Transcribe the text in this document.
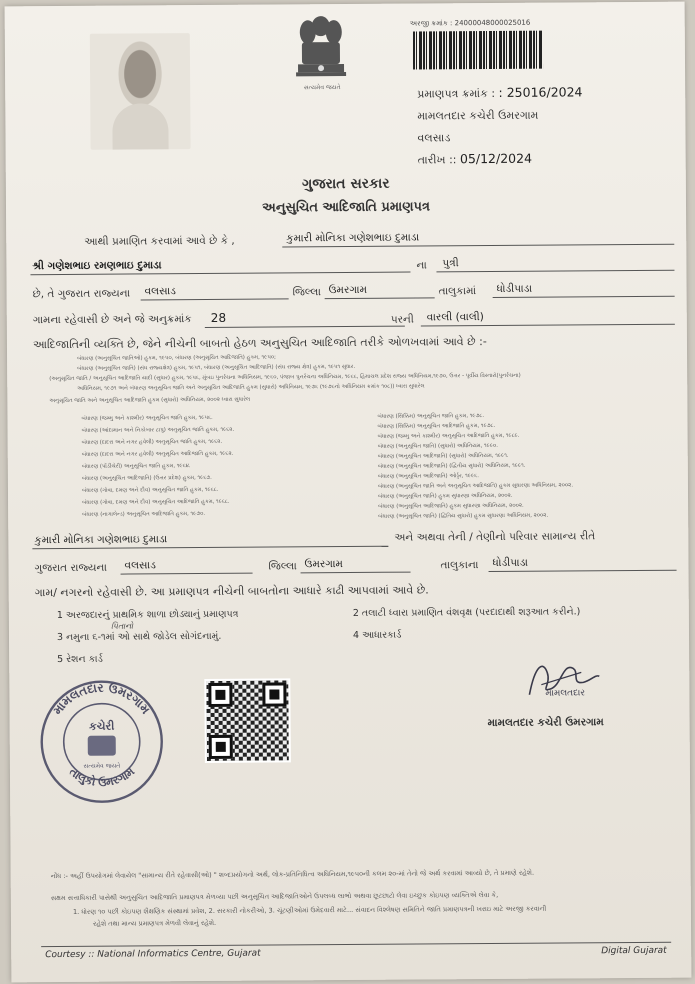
સત્યમેવ જયતે
અરજી ક્રમાંક : 24000048000025016
પ્રમાણપત્ર ક્રમાંક : : 25016/2024
મામલતદાર કચેરી ઉમરગામ
વલસાડ
તારીખ :: 05/12/2024
ગુજરાત સરકાર
અનુસુચિત આદિજાતિ પ્રમાણપત્ર
આથી પ્રમાણિત કરવામાં આવે છે કે ,	કુમારી મોનિકા ગણેશભાઇ દુમાડા
શ્રી ગણેશભાઇ રમણભાઇ દુમાડા	ના પુત્રી
છે, તે ગુજરાત રાજ્યના વલસાડ	જિલ્લા ઉમરગામ	તાલુકામાં ધોડીપાડા
ગામના રહેવાસી છે અને જે અનુક્રમાંક 28	પરની વારલી (વાલી)
આદિજાતિની વ્યક્તિ છે, જેને નીચેની બાબતો હેઠળ અનુસુચિત આદિજાતિ તરીકે ઓળખવામાં આવે છે :-
બંધારણ (અનુસૂચિત જાતિઓ) હુકમ, ૧૯૫૦, બંધારણ (અનુસૂચિત આદિજાતિ) હુકમ, ૧૯૫૦;
બંધારણ (અનુસૂચિત જાતિ) (સંઘ રાજ્યક્ષેત્ર) હુકમ, ૧૯૫૧, બંધારણ (અનુસૂચિત આદિજાતિ) (સંઘ રાજ્ય ક્ષેત્ર) હુકમ, ૧૯૫૧ સુધાર.
(અનુસૂચિત જાતિ / અનુસૂચિત આદિજાતિ યાદી (સુધાર) હુકમ, ૧૯૫૬, મુંબઇ પુનર્રચના અધિનિયમ, ૧૯૬૦, પંજાબ પુનર્રચના અધિનિયમ, ૧૯૬૬, હિમાચલ પ્રદેશ રાજ્ય અધિનિયમ,૧૯૭૦, ઉત્તર - પૂર્વીય વિસ્તારો(પુનર્રચના)
અધિનિયમ, ૧૯૭૧ અને બંધારણ અનુસૂચિત જાતિ અને અનુસૂચિત આદિજાતિ હુકમ (સુધારો) અધિનિયમ, ૧૯૭૬ (૧૯૭૬નો અધિનિયમ ક્રમાંક ૧૦૮)) ધ્વારા સુધારેલ
અનુસૂચિત જાતિ અને અનુસૂચિત આદિજાતિ હુકમ (સુધારો) અધિનિયમ, ૨૦૦૨ ધ્વારા સુધારેલ
બંધારણ (જમ્મુ અને કાશ્મીર) અનુસૂચિત જાતિ હુકમ, ૧૯૫૬.
બંધારણ (આંદામાન અને નિકોબાર ટાપુ) અનુસૂચિત જાતિ હુકમ, ૧૯૬૨.
બંધારણ (દાદરા અને નગર હવેલી) અનુસૂચિત જાતિ હુકમ, ૧૯૬૨.
બંધારણ (દાદરા અને નગર હવેલી) અનુસૂચિત આદિજાતિ હુકમ, ૧૯૬૨.
બંધારણ (પોંડીચેરી) અનુસૂચિત જાતિ હુકમ, ૧૯૬૪.
બંધારણ (અનુસૂચિત આદિજાતિ) (ઉત્તર પ્રદેશ) હુકમ, ૧૯૬૭.
બંધારણ (ગોવા, દમણ અને દીવ) અનુસૂચિત જાતિ હુકમ, ૧૯૬૮.
બંધારણ (ગોવા, દમણ અને દીવ) અનુસૂચિત આદિજાતિ હુકમ, ૧૯૬૮.
બંધારણ (નાગાલેન્ડ) અનુસૂચિત આદિજાતિ હુકમ, ૧૯૭૦.
બંધારણ (સિક્કિમ) અનુસૂચિત જાતિ હુકમ, ૧૯૭૮.
બંધારણ (સિક્કિમ) અનુસૂચિત આદિજાતિ હુકમ, ૧૯૭૮.
બંધારણ (જમ્મુ અને કાશ્મીર) અનુસૂચિત આદિજાતિ હુકમ, ૧૯૮૯.
બંધારણ (અનુસૂચિત જાતિ) (સુધારો) અધિનિયમ, ૧૯૯૦.
બંધારણ (અનુસૂચિત આદિજાતિ) (સુધારો) અધિનિયમ, ૧૯૯૧.
બંધારણ (અનુસૂચિત આદિજાતિ) (દ્વિતીય સુધારો) અધિનિયમ, ૧૯૯૧.
બંધારણ (અનુસૂચિત આદિજાતિ) ઓર્ડ્ડર, ૧૯૯૬.
બંધારણ (અનુસૂચિત જાતિ અને અનુસૂચિત આદિજાતિ) હુકમ સુધારણા અધિનિયમ, ૨૦૦૨.
બંધારણ (અનુસૂચિત જાતિ) હુકમ સુધારણા અધિનિયમ, ૨૦૦૨.
બંધારણ (અનુસૂચિત આદિજાતિ) હુકમ સુધારણા અધિનિયમ, ૨૦૦૨.
બંધારણ (અનુસૂચિત જાતિ) (દ્વિતિય સુધારો) હુકમ સુધારણા અધિનિયમ, ૨૦૦૨.
કુમારી મોનિકા ગણેશભાઇ દુમાડા	અને અથવા તેની / તેણીનો પરિવાર સામાન્ય રીતે
ગુજરાત રાજ્યના વલસાડ	જિલ્લા ઉમરગામ	તાલુકાના ધોડીપાડા
ગામ/ નગરનો રહેવાસી છે. આ પ્રમાણપત્ર નીચેની બાબતોના આધારે કાઢી આપવામાં આવે છે.
1 અરજદારનું પ્રાથમિક શાળા છોડ્યાનું પ્રમાણપત્ર	2 તલાટી ધ્વારા પ્રમાણિત વંશવૃક્ષ (પરદાદાથી શરૂઆત કરીને.)
પિતાનો
3 નમુના ૬-૧માં ઓ સાથે જોડેલ સોગંદનામું.	4 આધારકાર્ડ
5 રેશન કાર્ડ
મામલતદાર ઉમરગામ
તાલુકો ઉમરગામ
કચેરી
સત્યમેવ જયતે
મામલતદાર
મામલતદાર કચેરી ઉમરગામ
નોંધ :- અહીં ઉપયોગમાં લેવાયેલ "સામાન્ય રીતે રહેવાસી(ઓ) " શબ્દપ્રયોગનો અર્થ, લોક-પ્રતિનિધિત્વ અધિનિયમ,૧૯૫૦ની કલમ ૨૦-માં તેનો જે અર્થ કરવામાં આવ્યો છે, તે પ્રમાણે રહેશે.
સક્ષમ સત્તાધિકારી પાસેથી અનુસુચિત આદિજાતિ પ્રમાણપત્ર મેળવ્યા પછી અનુસૂચિત આદિજાતિઓને ઉપલબ્ધ લાભો અથવા છૂટછાટો લેવા ઇચ્છુક કોઇપણ વ્યક્તિએ લેવા કે,
1. ધોરણ ૧૦ પછી કોઇપણ શૈક્ષણિક સંસ્થામાં પ્રવેશ, 2. સરકારી નોકરીઓ, 3. ચૂંટણીઓમાં ઉમેદવારી માટે... સંવાદન વિશ્લેષણ સમિતિને જાતિ પ્રમાણપત્રની ખરાઇ માટે અરજી કરવાની
રહેશે તથા માન્ય પ્રમાણપત્ર મેળવી લેવાનું રહેશે.
Courtesy :: National Informatics Centre, Gujarat	Digital Gujarat
